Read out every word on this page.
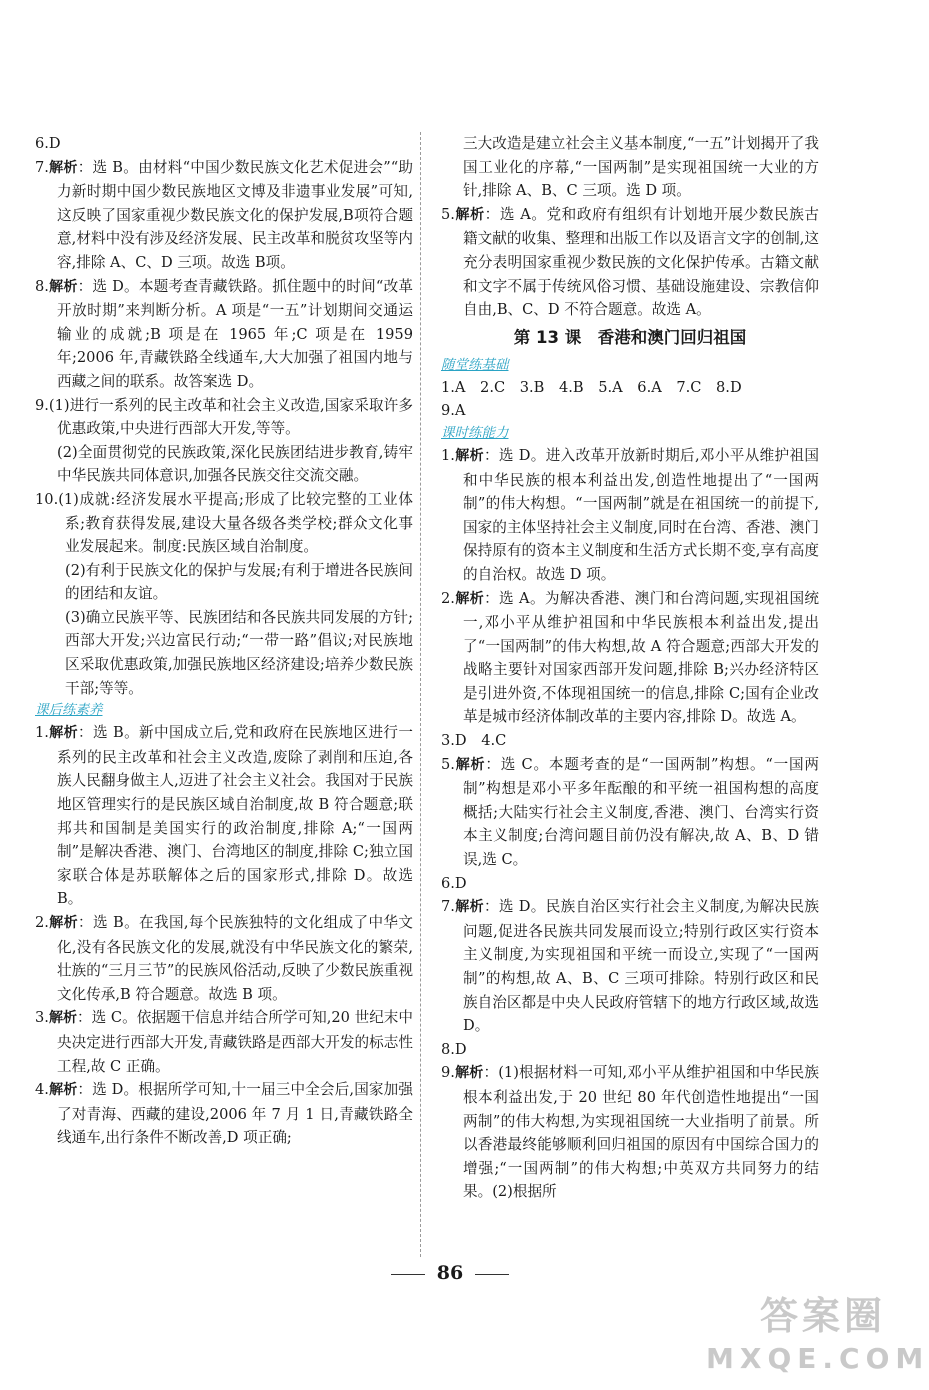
6.D

7.解析：选 B。由材料“中国少数民族文化艺术促进会”“助力新时期中国少数民族地区文博及非遗事业发展”可知,这反映了国家重视少数民族文化的保护发展,B项符合题意,材料中没有涉及经济发展、民主改革和脱贫攻坚等内容,排除 A、C、D 三项。故选 B项。

8.解析：选 D。本题考查青藏铁路。抓住题中的时间“改革开放时期”来判断分析。A 项是“一五”计划期间交通运输业的成就;B 项是在 1965 年;C 项是在 1959 年;2006 年,青藏铁路全线通车,大大加强了祖国内地与西藏之间的联系。故答案选 D。

9.(1)进行一系列的民主改革和社会主义改造,国家采取许多优惠政策,中央进行西部大开发,等等。

(2)全面贯彻党的民族政策,深化民族团结进步教育,铸牢中华民族共同体意识,加强各民族交往交流交融。

10.(1)成就:经济发展水平提高;形成了比较完整的工业体系;教育获得发展,建设大量各级各类学校;群众文化事业发展起来。制度:民族区域自治制度。

(2)有利于民族文化的保护与发展;有利于增进各民族间的团结和友谊。

(3)确立民族平等、民族团结和各民族共同发展的方针;西部大开发;兴边富民行动;“一带一路”倡议;对民族地区采取优惠政策,加强民族地区经济建设;培养少数民族干部;等等。

课后练素养

1.解析：选 B。新中国成立后,党和政府在民族地区进行一系列的民主改革和社会主义改造,废除了剥削和压迫,各族人民翻身做主人,迈进了社会主义社会。我国对于民族地区管理实行的是民族区域自治制度,故 B 符合题意;联邦共和国制是美国实行的政治制度,排除 A;“一国两制”是解决香港、澳门、台湾地区的制度,排除 C;独立国家联合体是苏联解体之后的国家形式,排除 D。故选 B。

2.解析：选 B。在我国,每个民族独特的文化组成了中华文化,没有各民族文化的发展,就没有中华民族文化的繁荣,壮族的“三月三节”的民族风俗活动,反映了少数民族重视文化传承,B 符合题意。故选 B 项。

3.解析：选 C。依据题干信息并结合所学可知,20 世纪末中央决定进行西部大开发,青藏铁路是西部大开发的标志性工程,故 C 正确。

4.解析：选 D。根据所学可知,十一届三中全会后,国家加强了对青海、西藏的建设,2006 年 7 月 1 日,青藏铁路全线通车,出行条件不断改善,D 项正确;

三大改造是建立社会主义基本制度,“一五”计划揭开了我国工业化的序幕,“一国两制”是实现祖国统一大业的方针,排除 A、B、C 三项。选 D 项。

5.解析：选 A。党和政府有组织有计划地开展少数民族古籍文献的收集、整理和出版工作以及语言文字的创制,这充分表明国家重视少数民族的文化保护传承。古籍文献和文字不属于传统风俗习惯、基础设施建设、宗教信仰自由,B、C、D 不符合题意。故选 A。

第 13 课　香港和澳门回归祖国

随堂练基础

1.A　2.C　3.B　4.B　5.A　6.A　7.C　8.D

9.A

课时练能力

1.解析：选 D。进入改革开放新时期后,邓小平从维护祖国和中华民族的根本利益出发,创造性地提出了“一国两制”的伟大构想。“一国两制”就是在祖国统一的前提下,国家的主体坚持社会主义制度,同时在台湾、香港、澳门保持原有的资本主义制度和生活方式长期不变,享有高度的自治权。故选 D 项。

2.解析：选 A。为解决香港、澳门和台湾问题,实现祖国统一,邓小平从维护祖国和中华民族根本利益出发,提出了“一国两制”的伟大构想,故 A 符合题意;西部大开发的战略主要针对国家西部开发问题,排除 B;兴办经济特区是引进外资,不体现祖国统一的信息,排除 C;国有企业改革是城市经济体制改革的主要内容,排除 D。故选 A。

3.D　4.C

5.解析：选 C。本题考查的是“一国两制”构想。“一国两制”构想是邓小平多年酝酿的和平统一祖国构想的高度概括;大陆实行社会主义制度,香港、澳门、台湾实行资本主义制度;台湾问题目前仍没有解决,故 A、B、D 错误,选 C。

6.D

7.解析：选 D。民族自治区实行社会主义制度,为解决民族问题,促进各民族共同发展而设立;特别行政区实行资本主义制度,为实现祖国和平统一而设立,实现了“一国两制”的构想,故 A、B、C 三项可排除。特别行政区和民族自治区都是中央人民政府管辖下的地方行政区域,故选 D。

8.D

9.解析：(1)根据材料一可知,邓小平从维护祖国和中华民族根本利益出发,于 20 世纪 80 年代创造性地提出“一国两制”的伟大构想,为实现祖国统一大业指明了前景。所以香港最终能够顺利回归祖国的原因有中国综合国力的增强;“一国两制”的伟大构想;中英双方共同努力的结果。(2)根据所

86
答案圈
MXQE.COM
